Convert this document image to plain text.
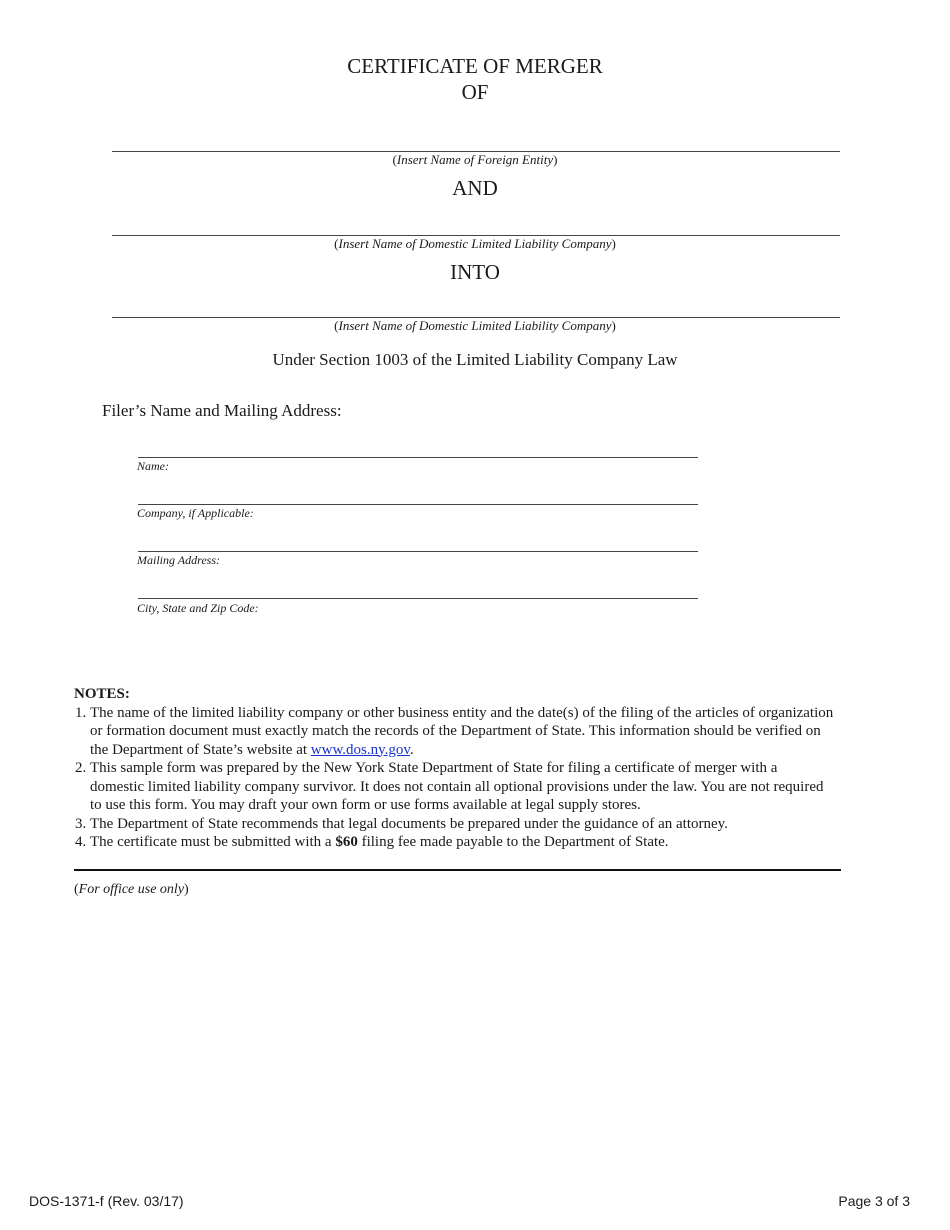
CERTIFICATE OF MERGER
OF
(Insert Name of Foreign Entity)
AND
(Insert Name of Domestic Limited Liability Company)
INTO
(Insert Name of Domestic Limited Liability Company)
Under Section 1003 of the Limited Liability Company Law
Filer’s Name and Mailing Address:
Name:
Company, if Applicable:
Mailing Address:
City, State and Zip Code:
NOTES:
1. The name of the limited liability company or other business entity and the date(s) of the filing of the articles of organization or formation document must exactly match the records of the Department of State. This information should be verified on the Department of State’s website at www.dos.ny.gov.
2. This sample form was prepared by the New York State Department of State for filing a certificate of merger with a domestic limited liability company survivor. It does not contain all optional provisions under the law. You are not required to use this form. You may draft your own form or use forms available at legal supply stores.
3. The Department of State recommends that legal documents be prepared under the guidance of an attorney.
4. The certificate must be submitted with a $60 filing fee made payable to the Department of State.
(For office use only)
DOS-1371-f (Rev. 03/17)	Page 3 of 3
